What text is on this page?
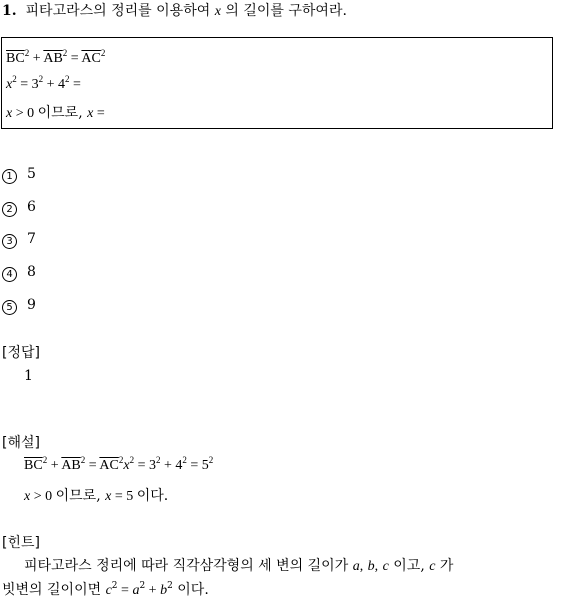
1. 피타고라스의 정리를 이용하여 x 의 길이를 구하여라.
$\overline{BC}^2 + \overline{AB}^2 = \overline{AC}^2$
$x^2 = 3^2 + 4^2$ =
x > 0 이므로, x =
1 5
2 6
3 7
4 8
5 9
[정답]
1
[해설]
$\overline{BC}^2 + \overline{AB}^2 = \overline{AC}^2x^2 = 3^2 + 4^2 = 5^2$
x > 0 이므로, x = 5 이다.
[힌트]
피타고라스 정리에 따라 직각삼각형의 세 변의 길이가 a, b, c 이고, c 가
빗변의 길이이면 $c^2 = a^2 + b^2$ 이다.
